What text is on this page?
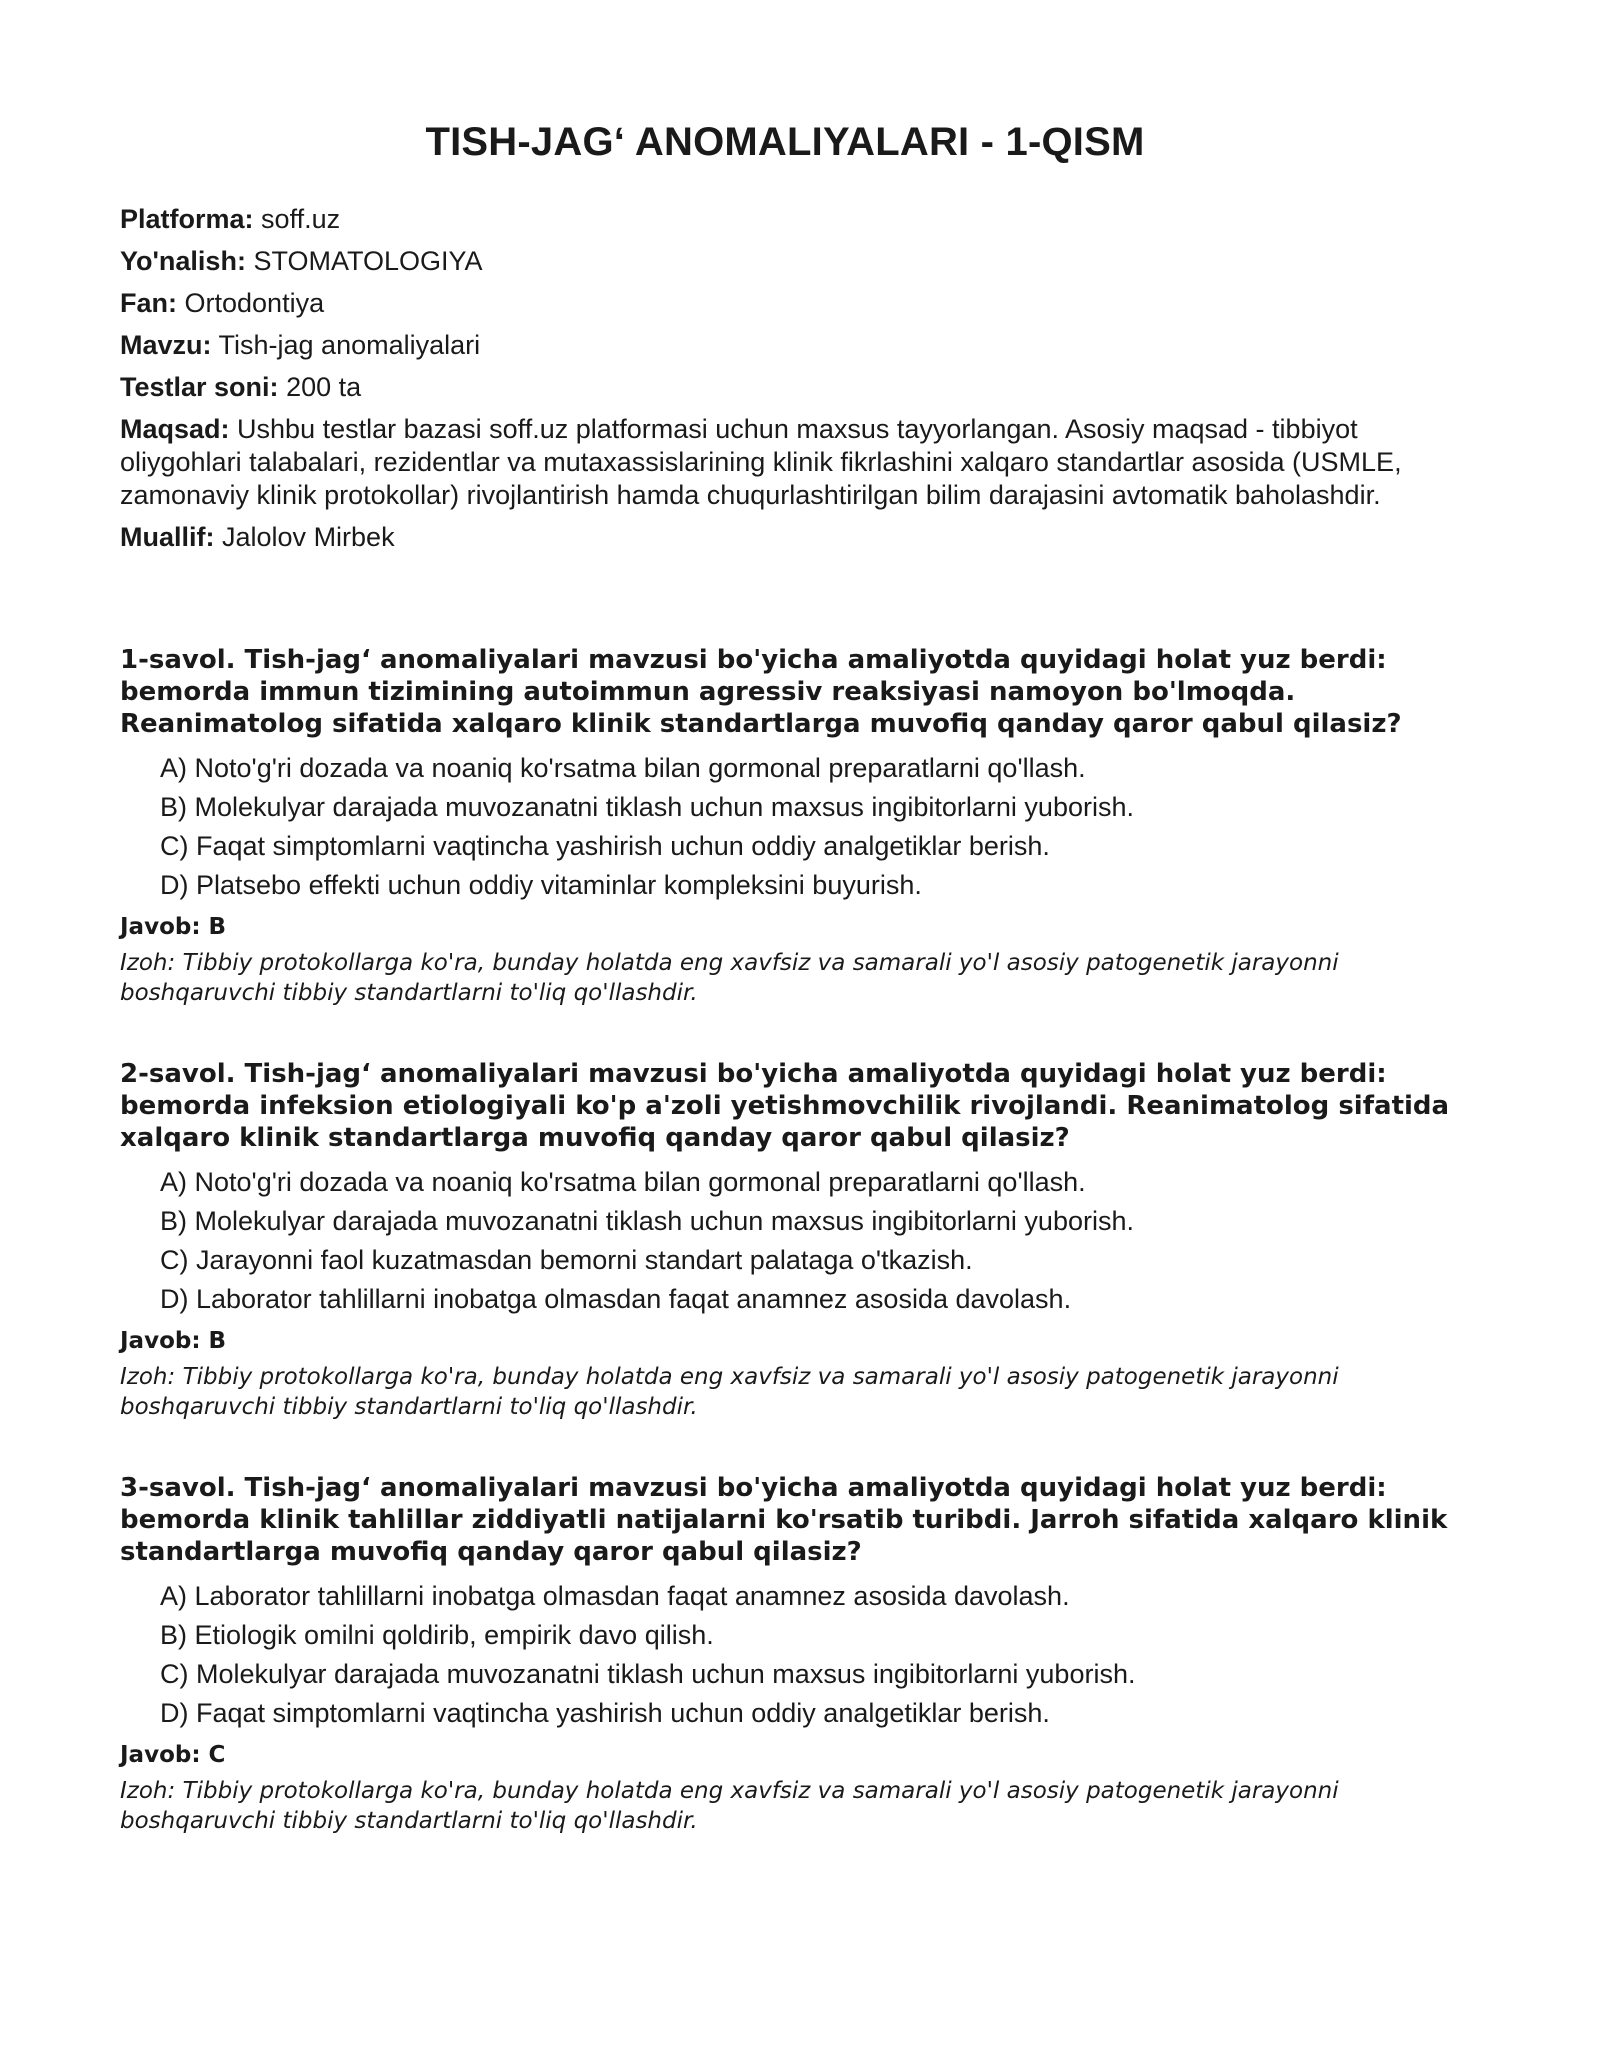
TISH-JAG‘ ANOMALIYALARI - 1-QISM

Platforma: soff.uz

Yo'nalish: STOMATOLOGIYA

Fan: Ortodontiya

Mavzu: Tish-jag anomaliyalari

Testlar soni: 200 ta

Maqsad: Ushbu testlar bazasi soff.uz platformasi uchun maxsus tayyorlangan. Asosiy maqsad - tibbiyot oliygohlari talabalari, rezidentlar va mutaxassislarining klinik fikrlashini xalqaro standartlar asosida (USMLE, zamonaviy klinik protokollar) rivojlantirish hamda chuqurlashtirilgan bilim darajasini avtomatik baholashdir.

Muallif: Jalolov Mirbek

1-savol. Tish-jag‘ anomaliyalari mavzusi bo'yicha amaliyotda quyidagi holat yuz berdi: bemorda immun tizimining autoimmun agressiv reaksiyasi namoyon bo'lmoqda. Reanimatolog sifatida xalqaro klinik standartlarga muvofiq qanday qaror qabul qilasiz?

A) Noto'g'ri dozada va noaniq ko'rsatma bilan gormonal preparatlarni qo'llash.
B) Molekulyar darajada muvozanatni tiklash uchun maxsus ingibitorlarni yuborish.
C) Faqat simptomlarni vaqtincha yashirish uchun oddiy analgetiklar berish.
D) Platsebo effekti uchun oddiy vitaminlar kompleksini buyurish.

Javob: B

Izoh: Tibbiy protokollarga ko'ra, bunday holatda eng xavfsiz va samarali yo'l asosiy patogenetik jarayonni boshqaruvchi tibbiy standartlarni to'liq qo'llashdir.

2-savol. Tish-jag‘ anomaliyalari mavzusi bo'yicha amaliyotda quyidagi holat yuz berdi: bemorda infeksion etiologiyali ko'p a'zoli yetishmovchilik rivojlandi. Reanimatolog sifatida xalqaro klinik standartlarga muvofiq qanday qaror qabul qilasiz?

A) Noto'g'ri dozada va noaniq ko'rsatma bilan gormonal preparatlarni qo'llash.
B) Molekulyar darajada muvozanatni tiklash uchun maxsus ingibitorlarni yuborish.
C) Jarayonni faol kuzatmasdan bemorni standart palataga o'tkazish.
D) Laborator tahlillarni inobatga olmasdan faqat anamnez asosida davolash.

Javob: B

Izoh: Tibbiy protokollarga ko'ra, bunday holatda eng xavfsiz va samarali yo'l asosiy patogenetik jarayonni boshqaruvchi tibbiy standartlarni to'liq qo'llashdir.

3-savol. Tish-jag‘ anomaliyalari mavzusi bo'yicha amaliyotda quyidagi holat yuz berdi: bemorda klinik tahlillar ziddiyatli natijalarni ko'rsatib turibdi. Jarroh sifatida xalqaro klinik standartlarga muvofiq qanday qaror qabul qilasiz?

A) Laborator tahlillarni inobatga olmasdan faqat anamnez asosida davolash.
B) Etiologik omilni qoldirib, empirik davo qilish.
C) Molekulyar darajada muvozanatni tiklash uchun maxsus ingibitorlarni yuborish.
D) Faqat simptomlarni vaqtincha yashirish uchun oddiy analgetiklar berish.

Javob: C

Izoh: Tibbiy protokollarga ko'ra, bunday holatda eng xavfsiz va samarali yo'l asosiy patogenetik jarayonni boshqaruvchi tibbiy standartlarni to'liq qo'llashdir.
